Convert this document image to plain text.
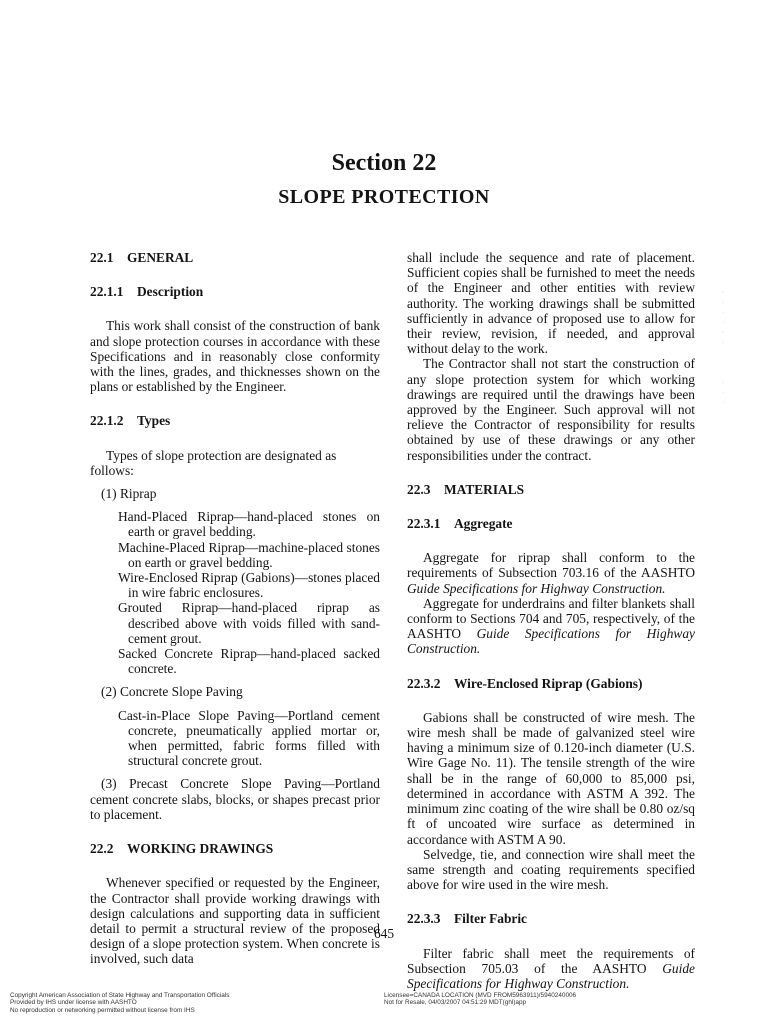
Section 22
SLOPE PROTECTION
22.1 GENERAL
22.1.1 Description

This work shall consist of the construction of bank and slope protection courses in accordance with these Specifications and in reasonably close conformity with the lines, grades, and thicknesses shown on the plans or established by the Engineer.

22.1.2 Types

Types of slope protection are designated as follows:

(1) Riprap

Hand-Placed Riprap—hand-placed stones on earth or gravel bedding.

Machine-Placed Riprap—machine-placed stones on earth or gravel bedding.

Wire-Enclosed Riprap (Gabions)—stones placed in wire fabric enclosures.

Grouted Riprap—hand-placed riprap as described above with voids filled with sand-cement grout.

Sacked Concrete Riprap—hand-placed sacked concrete.

(2) Concrete Slope Paving

Cast-in-Place Slope Paving—Portland cement concrete, pneumatically applied mortar or, when permitted, fabric forms filled with structural concrete grout.

(3) Precast Concrete Slope Paving—Portland cement concrete slabs, blocks, or shapes precast prior to placement.

22.2 WORKING DRAWINGS

Whenever specified or requested by the Engineer, the Contractor shall provide working drawings with design calculations and supporting data in sufficient detail to permit a structural review of the proposed design of a slope protection system. When concrete is involved, such data

shall include the sequence and rate of placement. Sufficient copies shall be furnished to meet the needs of the Engineer and other entities with review authority. The working drawings shall be submitted sufficiently in advance of proposed use to allow for their review, revision, if needed, and approval without delay to the work.

The Contractor shall not start the construction of any slope protection system for which working drawings are required until the drawings have been approved by the Engineer. Such approval will not relieve the Contractor of responsibility for results obtained by use of these drawings or any other responsibilities under the contract.

22.3 MATERIALS
22.3.1 Aggregate

Aggregate for riprap shall conform to the requirements of Subsection 703.16 of the AASHTO Guide Specifications for Highway Construction.

Aggregate for underdrains and filter blankets shall conform to Sections 704 and 705, respectively, of the AASHTO Guide Specifications for Highway Construction.

22.3.2 Wire-Enclosed Riprap (Gabions)

Gabions shall be constructed of wire mesh. The wire mesh shall be made of galvanized steel wire having a minimum size of 0.120-inch diameter (U.S. Wire Gage No. 11). The tensile strength of the wire shall be in the range of 60,000 to 85,000 psi, determined in accordance with ASTM A 392. The minimum zinc coating of the wire shall be 0.80 oz/sq ft of uncoated wire surface as determined in accordance with ASTM A 90.

Selvedge, tie, and connection wire shall meet the same strength and coating requirements specified above for wire used in the wire mesh.

22.3.3 Filter Fabric

Filter fabric shall meet the requirements of Subsection 705.03 of the AASHTO Guide Specifications for Highway Construction.

·
·
·
·
·
·

·
·
·
645
Copyright American Association of State Highway and Transportation Officials
Provided by IHS under license with AASHTO
No reproduction or networking permitted without license from IHS
Licensee=CANADA LOCATION (MVD FROM5963911)/5940240006
Not for Resale, 04/03/2007 04:51:29 MDT(ghl)app
